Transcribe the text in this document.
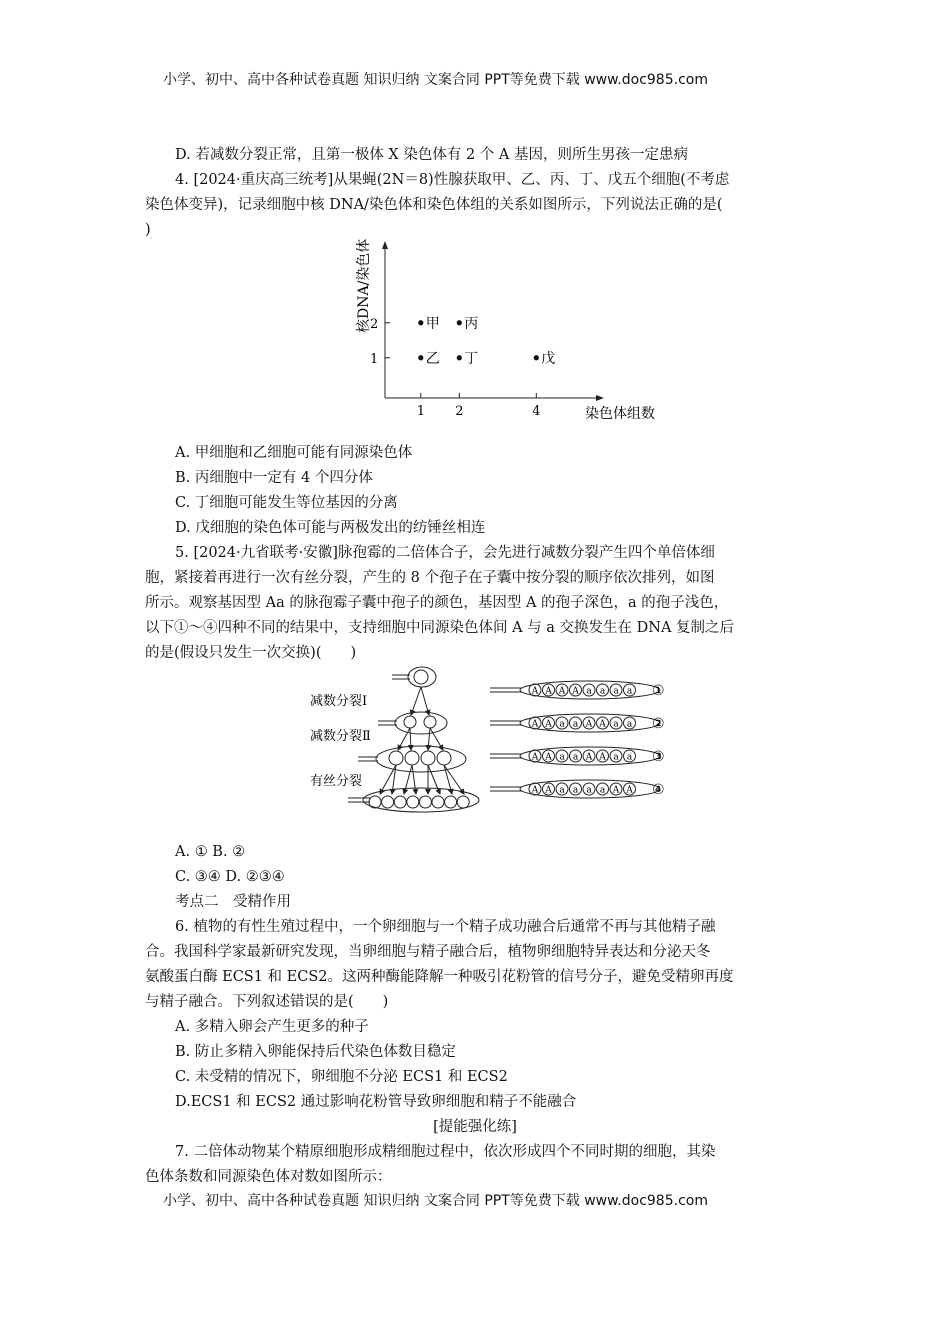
小学、初中、高中各种试卷真题 知识归纳 文案合同 PPT等免费下载 www.doc985.com
D. 若减数分裂正常，且第一极体 X 染色体有 2 个 A 基因，则所生男孩一定患病
4. [2024·重庆高三统考]从果蝇(2N＝8)性腺获取甲、乙、丙、丁、戊五个细胞(不考虑
染色体变异)，记录细胞中核 DNA/染色体和染色体组的关系如图所示，下列说法正确的是(
)
核DNA/染色体
染色体组数
1 2	4
1
2	甲 丙
乙 丁	戊
A. 甲细胞和乙细胞可能有同源染色体
B. 丙细胞中一定有 4 个四分体
C. 丁细胞可能发生等位基因的分离
D. 戊细胞的染色体可能与两极发出的纺锤丝相连
5. [2024·九省联考·安徽]脉孢霉的二倍体合子，会先进行减数分裂产生四个单倍体细
胞，紧接着再进行一次有丝分裂，产生的 8 个孢子在子囊中按分裂的顺序依次排列，如图
所示。观察基因型 Aa 的脉孢霉子囊中孢子的颜色，基因型 A 的孢子深色，a 的孢子浅色，
以下①～④四种不同的结果中，支持细胞中同源染色体间 A 与 a 交换发生在 DNA 复制之后
的是(假设只发生一次交换)(　　)
减数分裂Ⅰ
减数分裂Ⅱ
有丝分裂
A A A A a a a a ①
A A a a A A a a ②
A A a a A A a a ③
A A a a a a A A ④
A. ① B. ②
C. ③④ D. ②③④
考点二　受精作用
6. 植物的有性生殖过程中，一个卵细胞与一个精子成功融合后通常不再与其他精子融
合。我国科学家最新研究发现，当卵细胞与精子融合后，植物卵细胞特异表达和分泌天冬
氨酸蛋白酶 ECS1 和 ECS2。这两种酶能降解一种吸引花粉管的信号分子，避免受精卵再度
与精子融合。下列叙述错误的是(　　)
A. 多精入卵会产生更多的种子
B. 防止多精入卵能保持后代染色体数目稳定
C. 未受精的情况下，卵细胞不分泌 ECS1 和 ECS2
D.ECS1 和 ECS2 通过影响花粉管导致卵细胞和精子不能融合
[提能强化练]
7. 二倍体动物某个精原细胞形成精细胞过程中，依次形成四个不同时期的细胞，其染
色体条数和同源染色体对数如图所示：
小学、初中、高中各种试卷真题 知识归纳 文案合同 PPT等免费下载 www.doc985.com
